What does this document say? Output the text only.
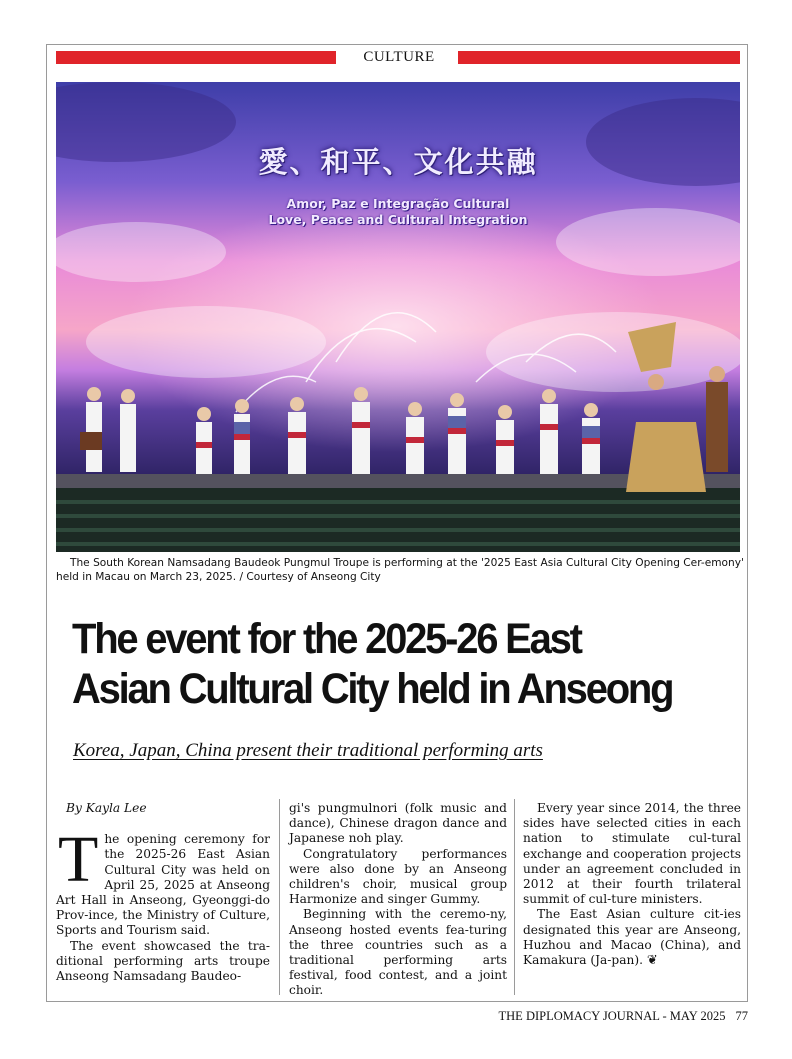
CULTURE
愛、和平、文化共融
Amor, Paz e Integração Cultural
Love, Peace and Cultural Integration
The South Korean Namsadang Baudeok Pungmul Troupe is performing at the '2025 East Asia Cultural City Opening Cer-emony' held in Macau on March 23, 2025. / Courtesy of Anseong City
The event for the 2025-26 East
Asian Cultural City held in Anseong
Korea, Japan, China present their traditional performing arts

By Kayla Lee

The opening ceremony for the 2025-26 East Asian Cultural City was held on April 25, 2025 at Anseong Art Hall in Anseong, Gyeonggi-do Prov-ince, the Ministry of Culture, Sports and Tourism said.

The event showcased the tra-ditional performing arts troupe Anseong Namsadang Baudeo-

gi's pungmulnori (folk music and dance), Chinese dragon dance and Japanese noh play.

Congratulatory performances were also done by an Anseong children's choir, musical group Harmonize and singer Gummy.

Beginning with the ceremo-ny, Anseong hosted events fea-turing the three countries such as a traditional performing arts festival, food contest, and a joint choir.

Every year since 2014, the three sides have selected cities in each nation to stimulate cul-tural exchange and cooperation projects under an agreement concluded in 2012 at their fourth trilateral summit of cul-ture ministers.

The East Asian culture cit-ies designated this year are Anseong, Huzhou and Macao (China), and Kamakura (Ja-pan). ❦

THE DIPLOMACY JOURNAL - MAY 2025 77
